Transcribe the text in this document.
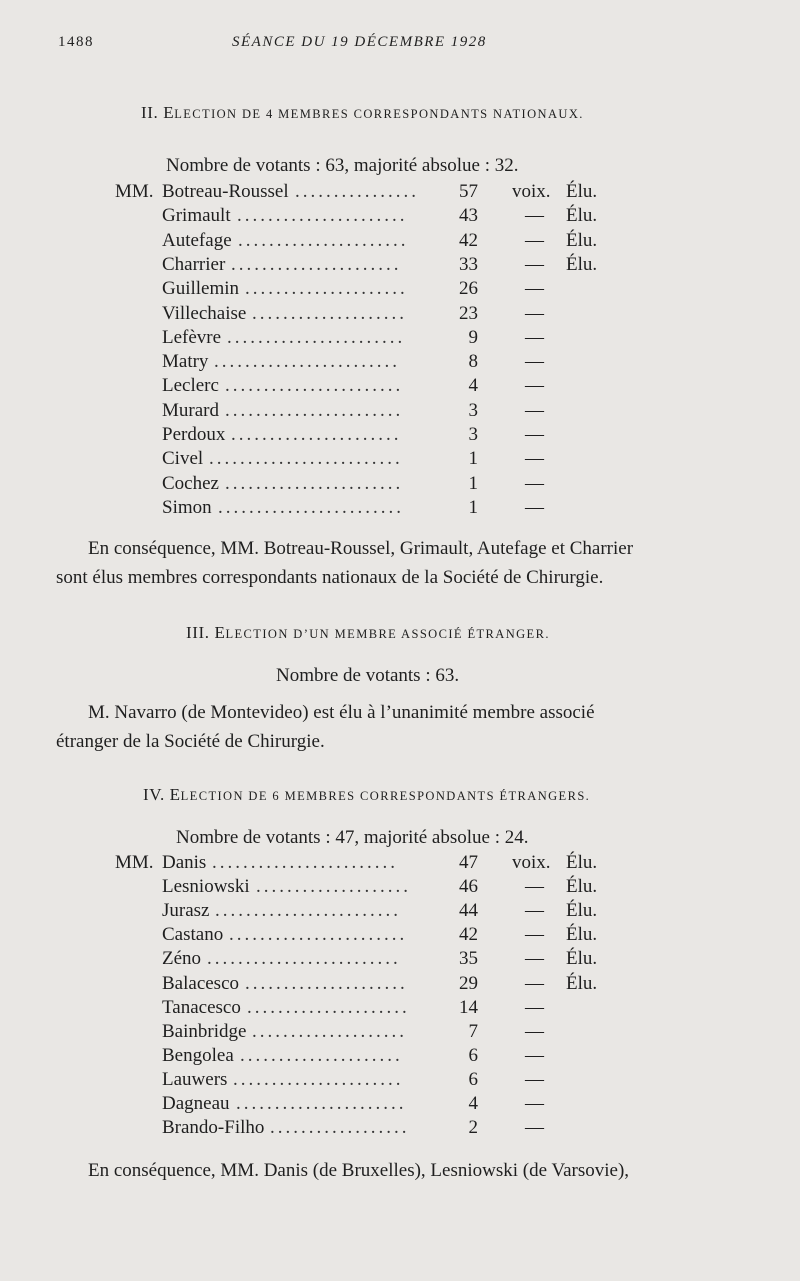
1488	SÉANCE DU 19 DÉCEMBRE 1928
II. ELECTION DE 4 MEMBRES CORRESPONDANTS NATIONAUX.
Nombre de votants : 63, majorité absolue : 32.
MM. Botreau-Roussel ................	57 voix. Élu.
Grimault ......................	43 — Élu.
Autefage ......................	42 — Élu.
Charrier ......................	33 — Élu.
Guillemin .....................	26 —
Villechaise ....................	23 —
Lefèvre .......................	9 —
Matry ........................	8 —
Leclerc .......................	4 —
Murard .......................	3 —
Perdoux ......................	3 —
Civel .........................	1 —
Cochez .......................	1 —
Simon ........................	1 —
En conséquence, MM. Botreau-Roussel, Grimault, Autefage et Charrier
sont élus membres correspondants nationaux de la Société de Chirurgie.
III. ELECTION D’UN MEMBRE ASSOCIÉ ÉTRANGER.
Nombre de votants : 63.
M. Navarro (de Montevideo) est élu à l’unanimité membre associé
étranger de la Société de Chirurgie.
IV. ELECTION DE 6 MEMBRES CORRESPONDANTS ÉTRANGERS.
Nombre de votants : 47, majorité absolue : 24.
MM. Danis ........................	47 voix. Élu.
Lesniowski ....................	46 — Élu.
Jurasz ........................	44 — Élu.
Castano .......................	42 — Élu.
Zéno .........................	35 — Élu.
Balacesco .....................	29 — Élu.
Tanacesco .....................	14 —
Bainbridge ....................	7 —
Bengolea .....................	6 —
Lauwers ......................	6 —
Dagneau ......................	4 —
Brando-Filho ..................	2 —
En conséquence, MM. Danis (de Bruxelles), Lesniowski (de Varsovie),
